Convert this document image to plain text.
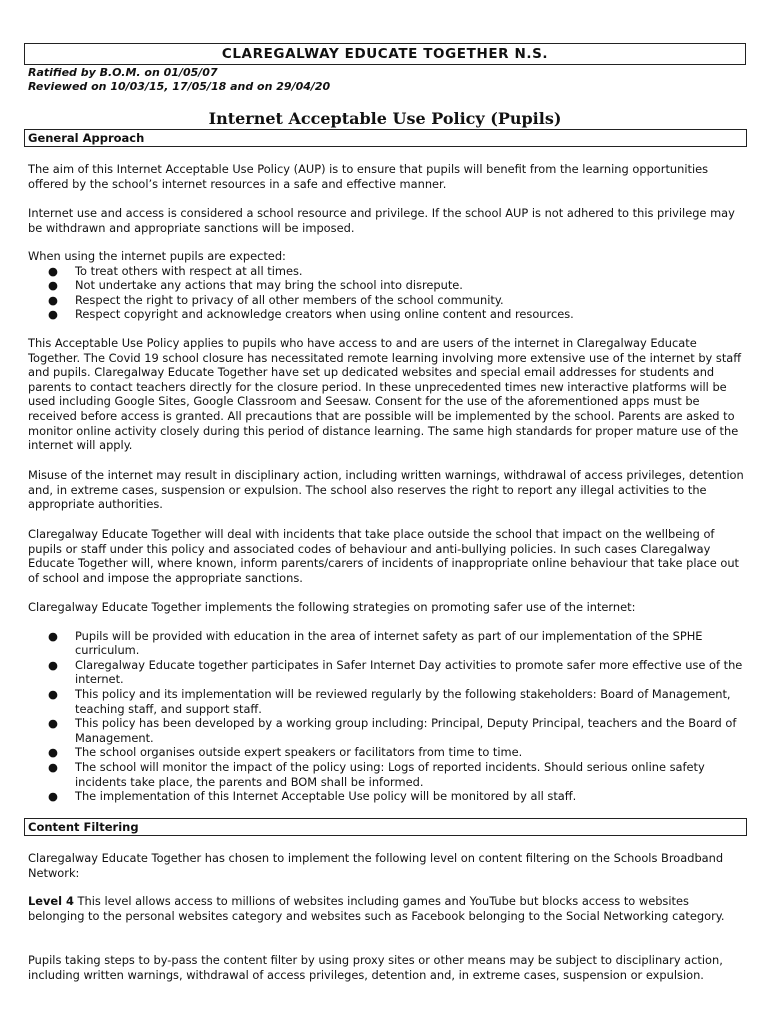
CLAREGALWAY EDUCATE TOGETHER N.S.
Ratified by B.O.M. on 01/05/07
Reviewed on 10/03/15, 17/05/18 and on 29/04/20
Internet Acceptable Use Policy (Pupils)
General Approach

The aim of this Internet Acceptable Use Policy (AUP) is to ensure that pupils will benefit from the learning opportunities offered by the school’s internet resources in a safe and effective manner.

Internet use and access is considered a school resource and privilege. If the school AUP is not adhered to this privilege may be withdrawn and appropriate sanctions will be imposed.

When using the internet pupils are expected:

● To treat others with respect at all times.
● Not undertake any actions that may bring the school into disrepute.
● Respect the right to privacy of all other members of the school community.
● Respect copyright and acknowledge creators when using online content and resources.

This Acceptable Use Policy applies to pupils who have access to and are users of the internet in Claregalway Educate Together. The Covid 19 school closure has necessitated remote learning involving more extensive use of the internet by staff and pupils. Claregalway Educate Together have set up dedicated websites and special email addresses for students and parents to contact teachers directly for the closure period. In these unprecedented times new interactive platforms will be used including Google Sites, Google Classroom and Seesaw. Consent for the use of the aforementioned apps must be received before access is granted. All precautions that are possible will be implemented by the school. Parents are asked to monitor online activity closely during this period of distance learning. The same high standards for proper mature use of the internet will apply.

Misuse of the internet may result in disciplinary action, including written warnings, withdrawal of access privileges, detention and, in extreme cases, suspension or expulsion. The school also reserves the right to report any illegal activities to the appropriate authorities.

Claregalway Educate Together will deal with incidents that take place outside the school that impact on the wellbeing of pupils or staff under this policy and associated codes of behaviour and anti-bullying policies. In such cases Claregalway Educate Together will, where known, inform parents/carers of incidents of inappropriate online behaviour that take place out of school and impose the appropriate sanctions.

Claregalway Educate Together implements the following strategies on promoting safer use of the internet:

● Pupils will be provided with education in the area of internet safety as part of our implementation of the SPHE curriculum.
● Claregalway Educate together participates in Safer Internet Day activities to promote safer more effective use of the internet.
● This policy and its implementation will be reviewed regularly by the following stakeholders: Board of Management, teaching staff, and support staff.
● This policy has been developed by a working group including: Principal, Deputy Principal, teachers and the Board of Management.
● The school organises outside expert speakers or facilitators from time to time.
● The school will monitor the impact of the policy using: Logs of reported incidents. Should serious online safety incidents take place, the parents and BOM shall be informed.
● The implementation of this Internet Acceptable Use policy will be monitored by all staff.
Content Filtering

Claregalway Educate Together has chosen to implement the following level on content filtering on the Schools Broadband Network:

Level 4 This level allows access to millions of websites including games and YouTube but blocks access to websites belonging to the personal websites category and websites such as Facebook belonging to the Social Networking category.

Pupils taking steps to by-pass the content filter by using proxy sites or other means may be subject to disciplinary action, including written warnings, withdrawal of access privileges, detention and, in extreme cases, suspension or expulsion.
